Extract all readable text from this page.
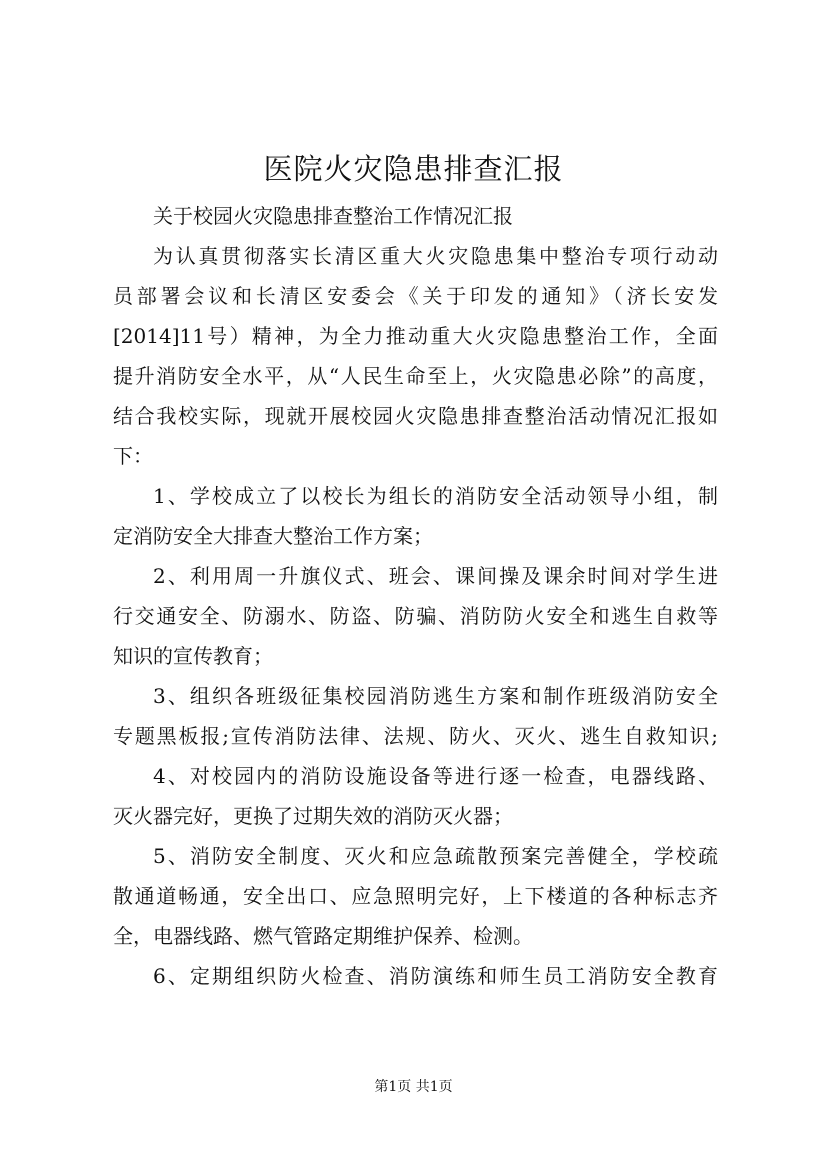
医院火灾隐患排查汇报
关于校园火灾隐患排查整治工作情况汇报
为认真贯彻落实长清区重大火灾隐患集中整治专项行动动
员部署会议和长清区安委会《关于印发的通知》（济长安发
[2014]11号）精神，为全力推动重大火灾隐患整治工作，全面
提升消防安全水平，从“人民生命至上，火灾隐患必除”的高度，
结合我校实际，现就开展校园火灾隐患排查整治活动情况汇报如
下：
1、学校成立了以校长为组长的消防安全活动领导小组，制
定消防安全大排查大整治工作方案；
2、利用周一升旗仪式、班会、课间操及课余时间对学生进
行交通安全、防溺水、防盗、防骗、消防防火安全和逃生自救等
知识的宣传教育；
3、组织各班级征集校园消防逃生方案和制作班级消防安全
专题黑板报;宣传消防法律、法规、防火、灭火、逃生自救知识;
4、对校园内的消防设施设备等进行逐一检查，电器线路、
灭火器完好，更换了过期失效的消防灭火器；
5、消防安全制度、灭火和应急疏散预案完善健全，学校疏
散通道畅通，安全出口、应急照明完好，上下楼道的各种标志齐
全，电器线路、燃气管路定期维护保养、检测。
6、定期组织防火检查、消防演练和师生员工消防安全教育
第1页 共1页
